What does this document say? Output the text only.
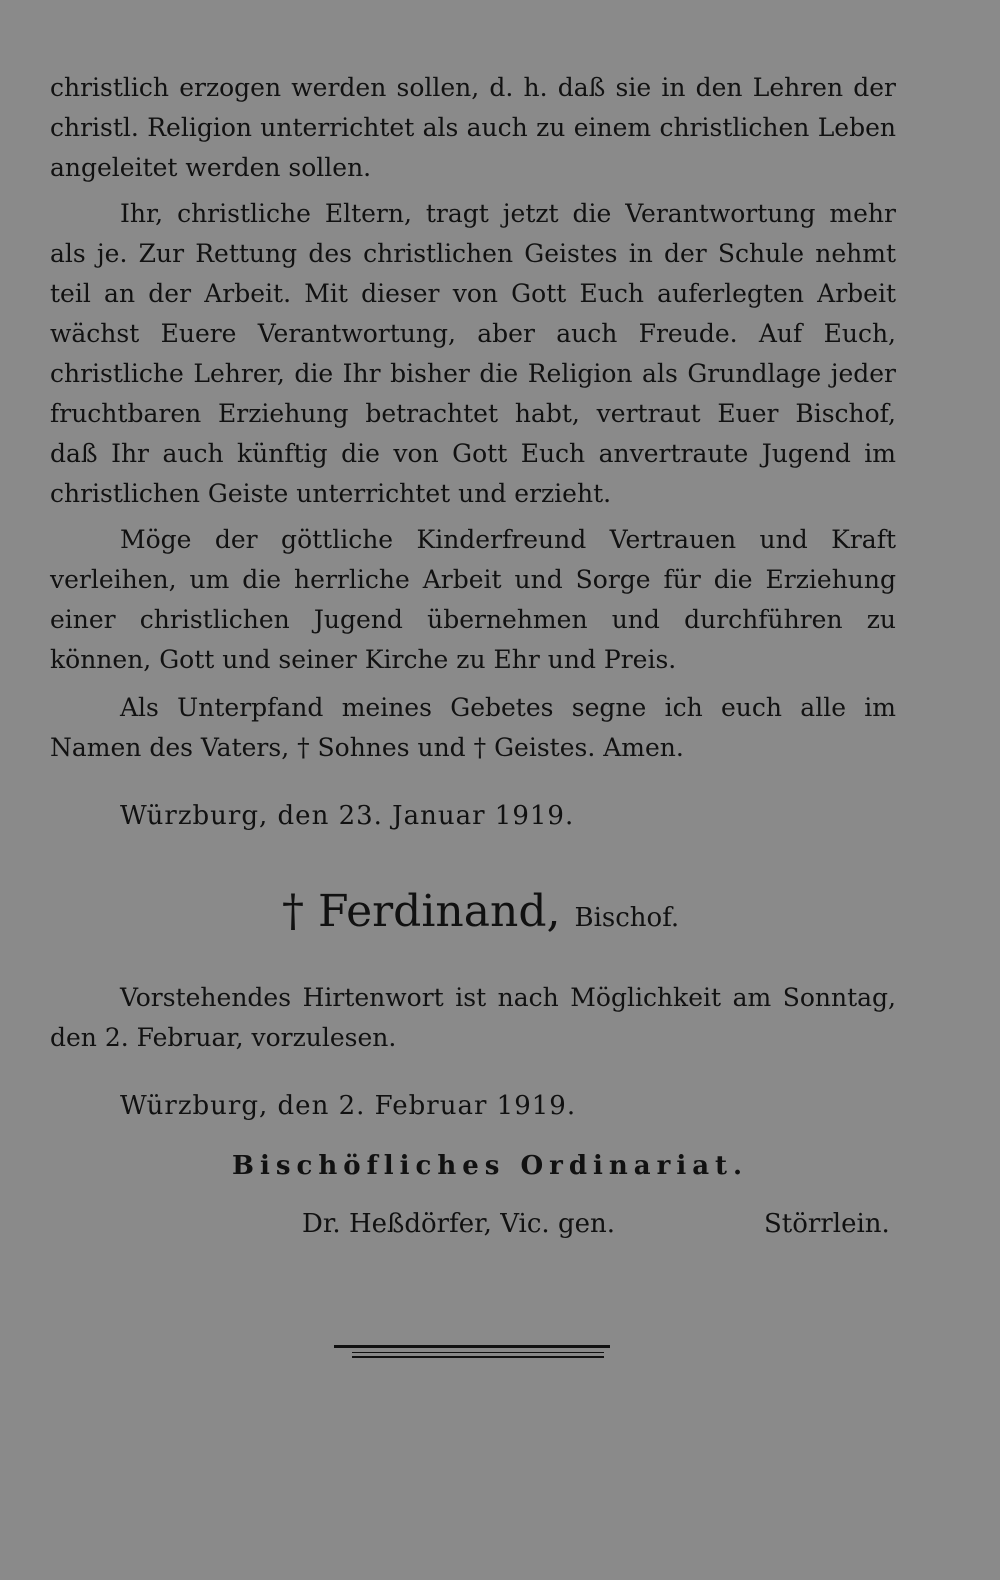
christlich erzogen werden sollen, d. h. daß sie in den Lehren der christl. Religion unterrichtet als auch zu einem christlichen Leben angeleitet werden sollen.

Ihr, christliche Eltern, tragt jetzt die Verantwortung mehr als je. Zur Rettung des christlichen Geistes in der Schule nehmt teil an der Arbeit. Mit dieser von Gott Euch auferlegten Arbeit wächst Euere Verantwortung, aber auch Freude. Auf Euch, christliche Lehrer, die Ihr bisher die Religion als Grundlage jeder fruchtbaren Erziehung betrachtet habt, vertraut Euer Bischof, daß Ihr auch künftig die von Gott Euch anvertraute Jugend im christlichen Geiste unterrichtet und erzieht.

Möge der göttliche Kinderfreund Vertrauen und Kraft verleihen, um die herrliche Arbeit und Sorge für die Erziehung einer christlichen Jugend übernehmen und durchführen zu können, Gott und seiner Kirche zu Ehr und Preis.

Als Unterpfand meines Gebetes segne ich euch alle im Namen des Vaters, † Sohnes und † Geistes. Amen.

Würzburg, den 23. Januar 1919.
† Ferdinand, Bischof.

Vorstehendes Hirtenwort ist nach Möglichkeit am Sonntag, den 2. Februar, vorzulesen.

Würzburg, den 2. Februar 1919.
Bischöfliches Ordinariat.
Dr. Heßdörfer, Vic. gen.	Störrlein.
